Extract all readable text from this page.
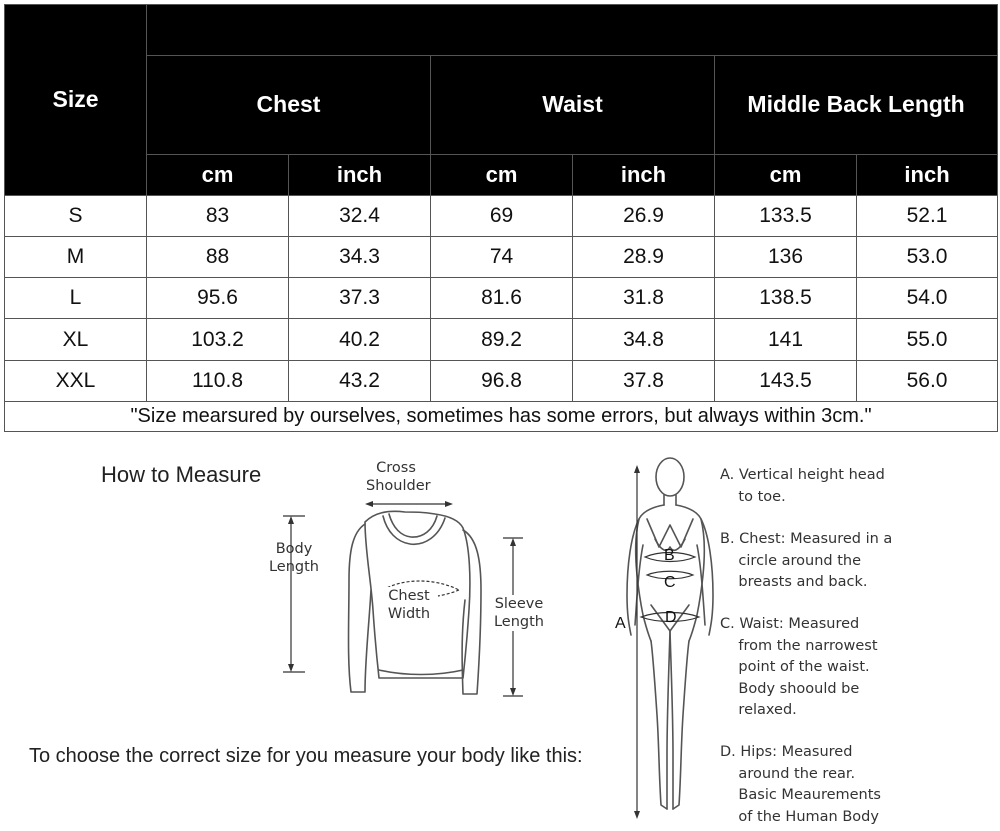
Size						
	Chest		Waist		Middle Back Length	
	cm	inch	cm	inch	cm	inch
S	83	32.4	69	26.9	133.5	52.1
M	88	34.3	74	28.9	136	53.0
L	95.6	37.3	81.6	31.8	138.5	54.0
XL	103.2	40.2	89.2	34.8	141	55.0
XXL	110.8	43.2	96.8	37.8	143.5	56.0
"Size mearsured by ourselves, sometimes has some errors, but always within 3cm."						
How to Measure
To choose the correct size for you measure your body like this:
Cross
Shoulder
Body
Length
Chest
Width
Sleeve
Length
B
C
D
A
A. Vertical height head
to toe.
B. Chest: Measured in a
circle around the
breasts and back.
C. Waist: Measured
from the narrowest
point of the waist.
Body shoould be
relaxed.
D. Hips: Measured
around the rear.
Basic Meaurements
of the Human Body
